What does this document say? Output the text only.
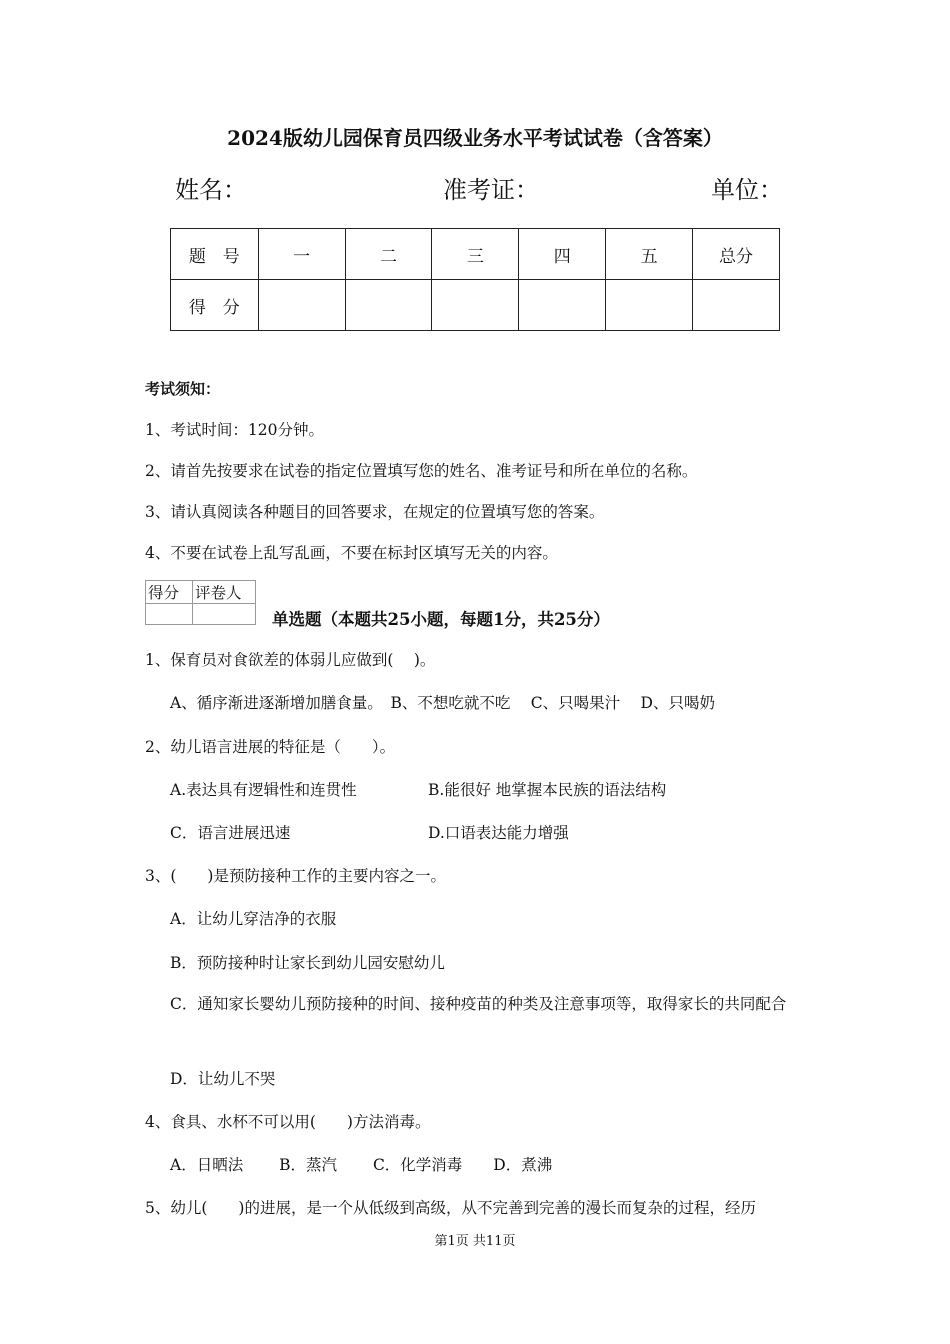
2024版幼儿园保育员四级业务水平考试试卷（含答案）
姓名：	准考证：	单位：
题　号	一	二	三	四	五	总分
得　分						
考试须知：
1、考试时间：120分钟。
2、请首先按要求在试卷的指定位置填写您的姓名、准考证号和所在单位的名称。
3、请认真阅读各种题目的回答要求，在规定的位置填写您的答案。
4、不要在试卷上乱写乱画，不要在标封区填写无关的内容。
得分	评卷人

单选题（本题共25小题，每题1分，共25分）
1、保育员对食欲差的体弱儿应做到(　 )。
A、循序渐进逐渐增加膳食量。　B、不想吃就不吃　 C、只喝果汁　 D、只喝奶
2、幼儿语言进展的特征是（　　）。
A.表达具有逻辑性和连贯性	B.能很好 地掌握本民族的语法结构
C．语言进展迅速	D.口语表达能力增强
3、(　　)是预防接种工作的主要内容之一。
A．让幼儿穿洁净的衣服
B．预防接种时让家长到幼儿园安慰幼儿
C．通知家长婴幼儿预防接种的时间、接种疫苗的种类及注意事项等，取得家长的共同配合
D．让幼儿不哭
4、食具、水杯不可以用(　　)方法消毒。
A．日晒法　　 B．蒸汽　　 C．化学消毒　　D．煮沸
5、幼儿(　　)的进展，是一个从低级到高级，从不完善到完善的漫长而复杂的过程，经历
第1页 共11页
